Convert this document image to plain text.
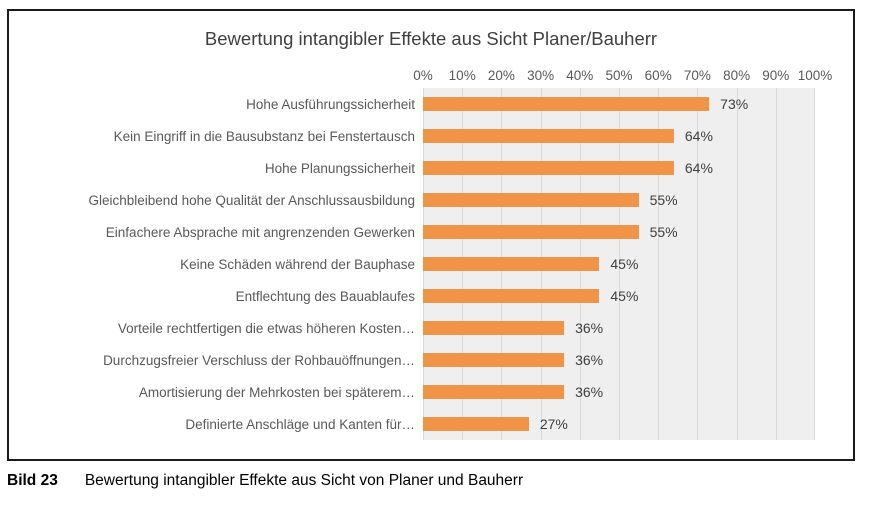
Bewertung intangibler Effekte aus Sicht Planer/Bauherr
0% 10% 20% 30% 40% 50% 60% 70% 80% 90% 100%
Hohe Ausführungssicherheit
Kein Eingriff in die Bausubstanz bei Fenstertausch
Hohe Planungssicherheit
Gleichbleibend hohe Qualität der Anschlussausbildung
Einfachere Absprache mit angrenzenden Gewerken
Keine Schäden während der Bauphase
Entflechtung des Bauablaufes
Vorteile rechtfertigen die etwas höheren Kosten…
Durchzugsfreier Verschluss der Rohbauöffnungen…
Amortisierung der Mehrkosten bei späterem…
Definierte Anschläge und Kanten für…
73%
64%
64%
55%
55%
45%
45%
36%
36%
36%
27%
Bild 23 Bewertung intangibler Effekte aus Sicht von Planer und Bauherr
